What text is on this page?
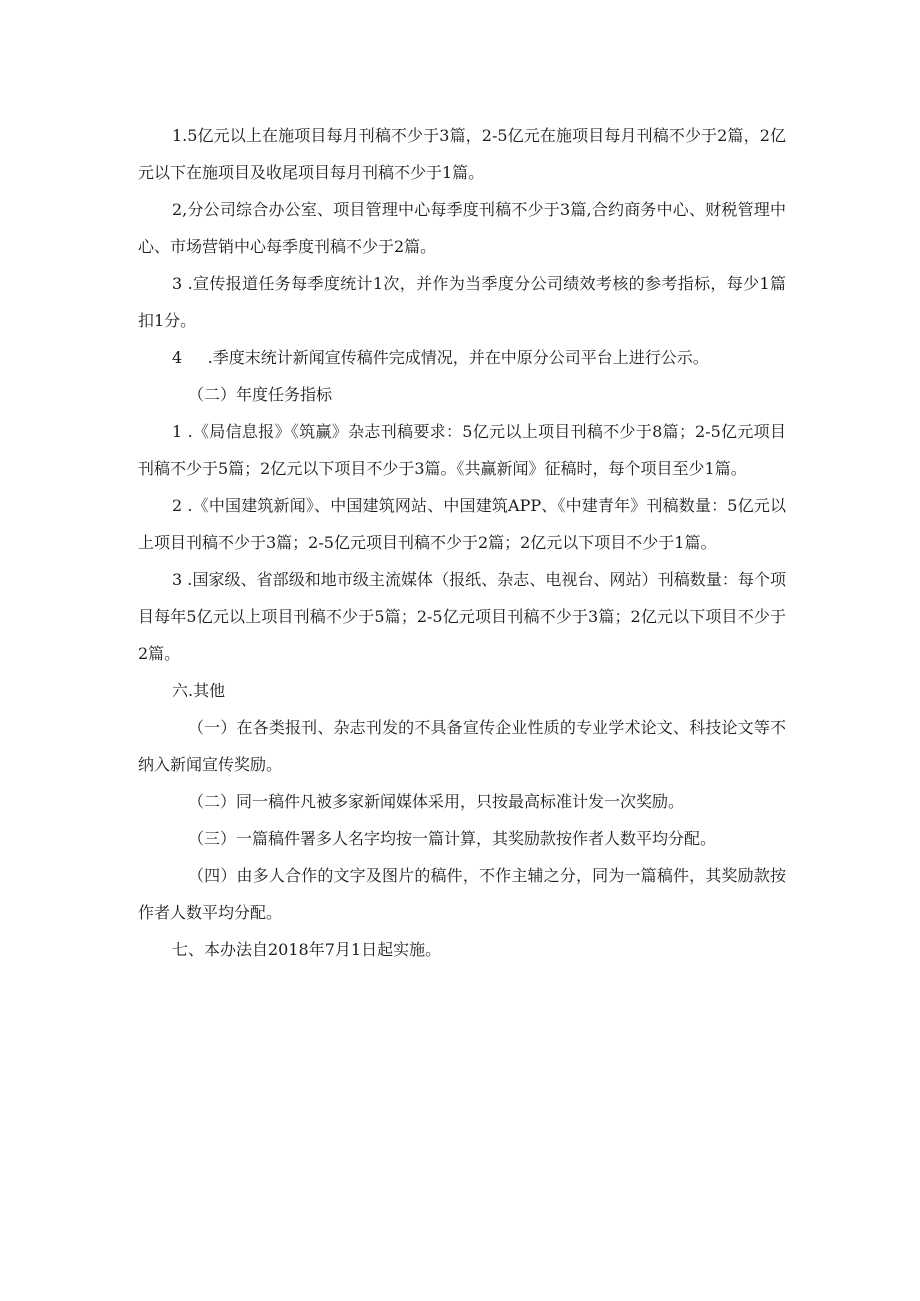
1.5亿元以上在施项目每月刊稿不少于3篇，2-5亿元在施项目每月刊稿不少于2篇，2亿元以下在施项目及收尾项目每月刊稿不少于1篇。

2,分公司综合办公室、项目管理中心每季度刊稿不少于3篇,合约商务中心、财税管理中心、市场营销中心每季度刊稿不少于2篇。

3 .宣传报道任务每季度统计1次，并作为当季度分公司绩效考核的参考指标，每少1篇扣1分。

4     .季度末统计新闻宣传稿件完成情况，并在中原分公司平台上进行公示。

（二）年度任务指标

1 .《局信息报》《筑赢》杂志刊稿要求：5亿元以上项目刊稿不少于8篇；2-5亿元项目刊稿不少于5篇；2亿元以下项目不少于3篇。《共赢新闻》征稿时，每个项目至少1篇。

2 .《中国建筑新闻》、中国建筑网站、中国建筑APP、《中建青年》刊稿数量：5亿元以上项目刊稿不少于3篇；2-5亿元项目刊稿不少于2篇；2亿元以下项目不少于1篇。

3 .国家级、省部级和地市级主流媒体（报纸、杂志、电视台、网站）刊稿数量：每个项目每年5亿元以上项目刊稿不少于5篇；2-5亿元项目刊稿不少于3篇；2亿元以下项目不少于2篇。

六.其他

（一）在各类报刊、杂志刊发的不具备宣传企业性质的专业学术论文、科技论文等不纳入新闻宣传奖励。

（二）同一稿件凡被多家新闻媒体采用，只按最高标准计发一次奖励。

（三）一篇稿件署多人名字均按一篇计算，其奖励款按作者人数平均分配。

（四）由多人合作的文字及图片的稿件，不作主辅之分，同为一篇稿件，其奖励款按作者人数平均分配。

七、本办法自2018年7月1日起实施。
